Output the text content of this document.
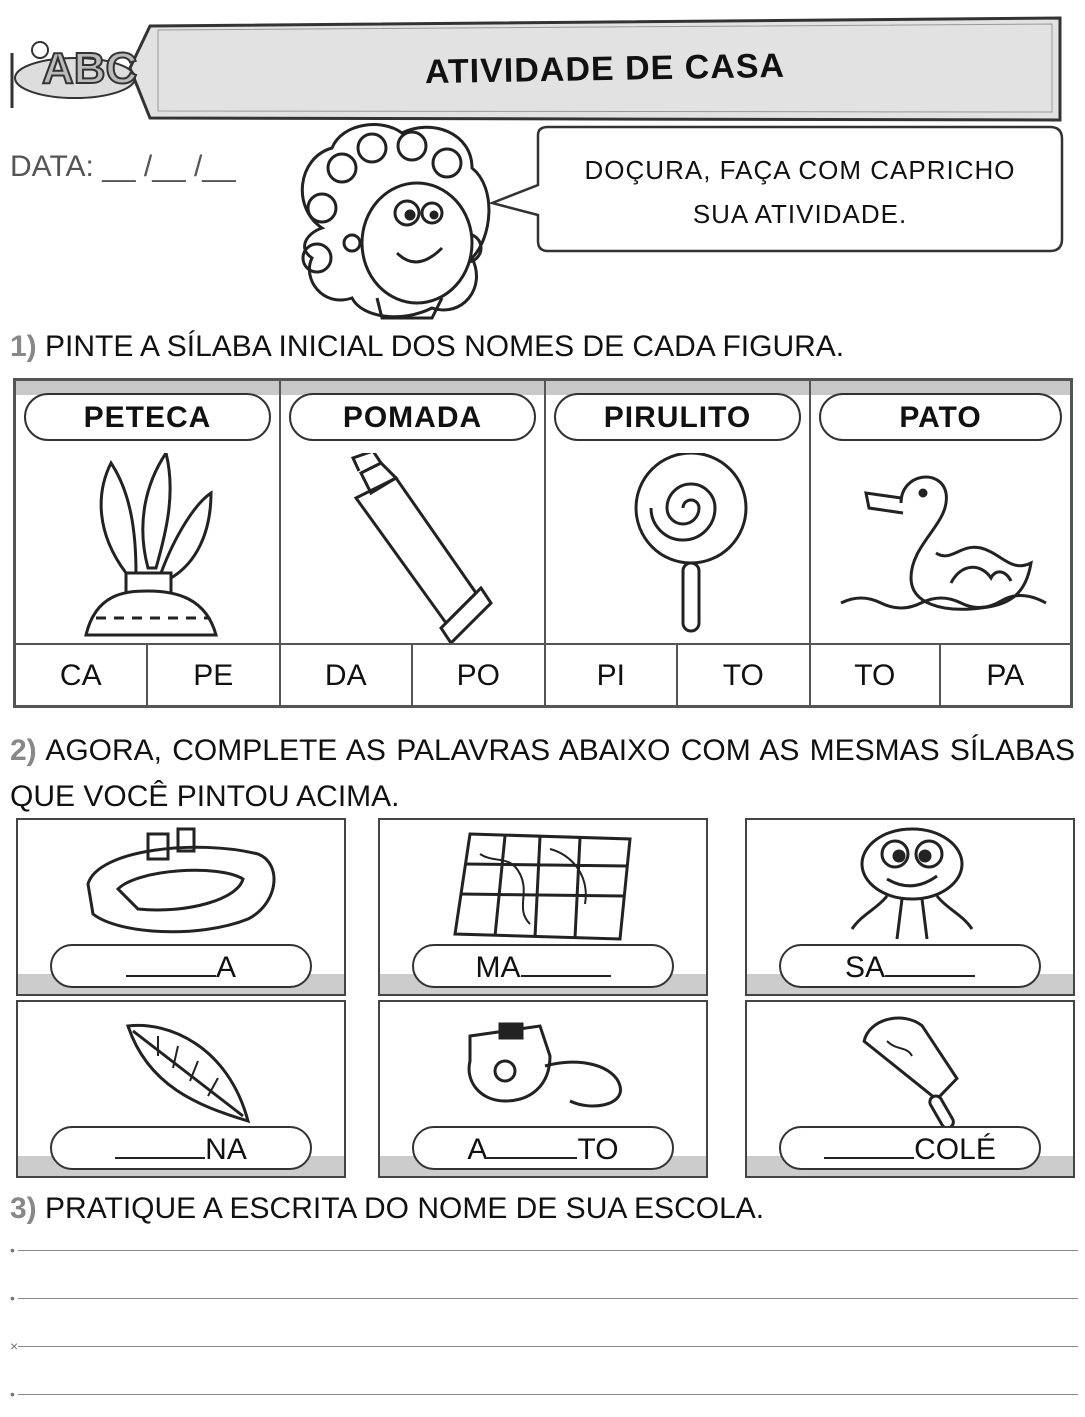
ABC	ATIVIDADE DE CASA
DATA: __ /__ /__	DOÇURA, FAÇA COM CAPRICHO
SUA ATIVIDADE.
1) PINTE A SÍLABA INICIAL DOS NOMES DE CADA FIGURA.
PETECA
CA	PE
POMADA
DA	PO
PIRULITO
PI	TO
PATO
TO	PA
2) AGORA, COMPLETE AS PALAVRAS ABAIXO COM AS MESMAS SÍLABAS QUE VOCÊ PINTOU ACIMA.
A	MA	SA
NA	A	TO	COLÉ
3) PRATIQUE A ESCRITA DO NOME DE SUA ESCOLA.
•
•
×
•
